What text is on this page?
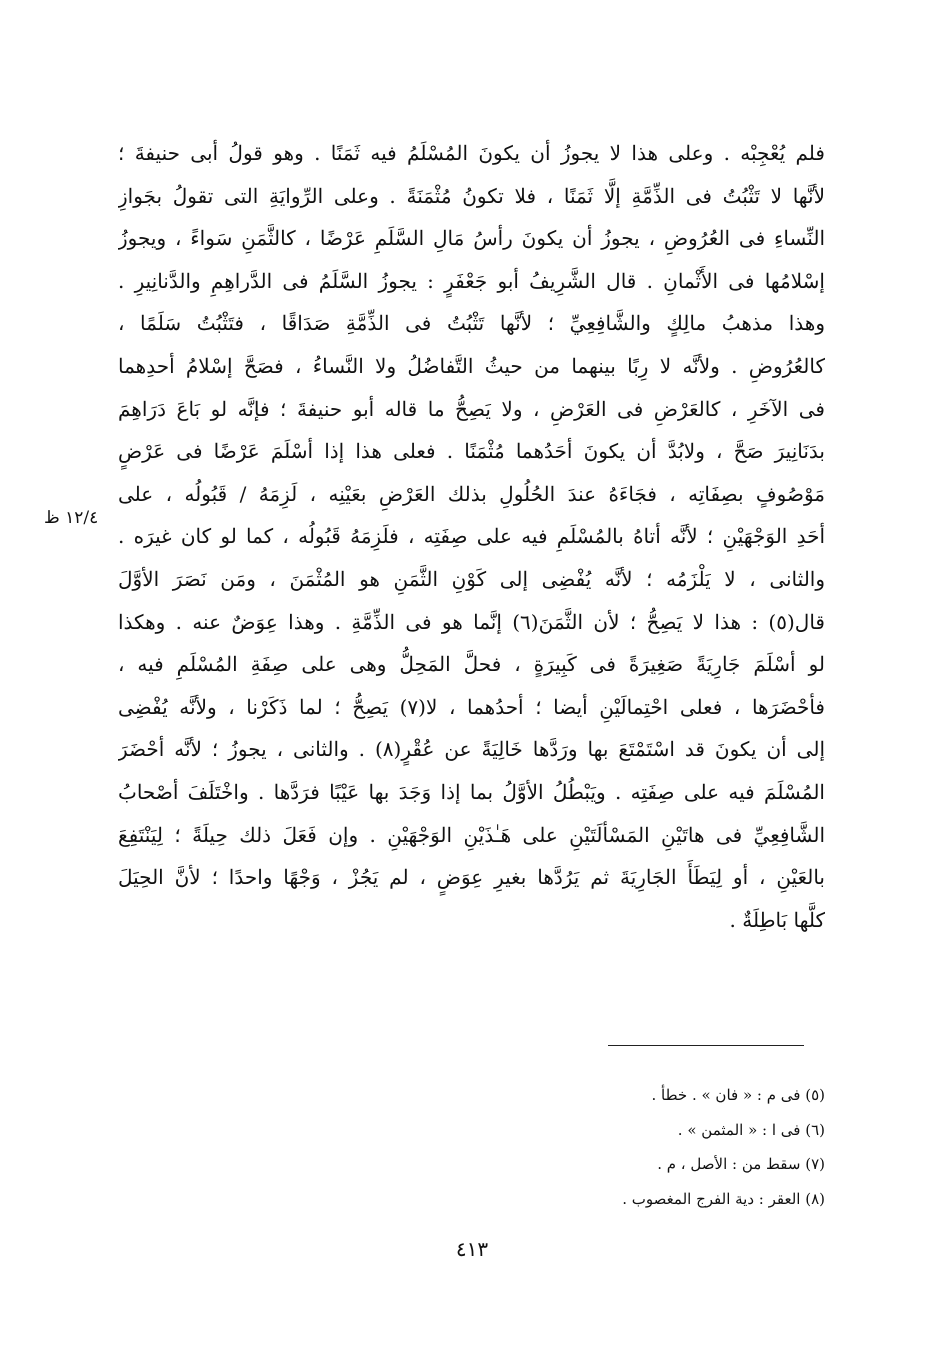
فلم يُعْجِبْه . وعلى هذا لا يجوزُ أن يكونَ المُسْلَمُ فيه ثَمَنًا . وهو قولُ أبى حنيفةَ ؛
لأنَّها لا تَثْبُتُ فى الذِّمَّةِ إلَّا ثَمَنًا ، فلا تكونُ مُثْمَنَةً . وعلى الرِّوايَةِ التى تقولُ بجَوازِ
النِّساءِ فى العُرُوضِ ، يجوزُ أن يكونَ رأسُ مَالِ السَّلَمِ عَرْضًا ، كالثَّمَنِ سَواءً ، ويجوزُ
إسْلامُها فى الأَثْمانِ . قال الشَّرِيفُ أبو جَعْفَرٍ : يجوزُ السَّلَمُ فى الدَّراهِمِ والدَّنانِيرِ .
وهذا مذهبُ مالِكٍ والشَّافِعِيِّ ؛ لأنَّها تَثْبُتُ فى الذِّمَّةِ صَدَاقًا ، فتَثْبُتُ سَلَمًا ،
كالعُرُوضِ . ولأنَّه لا رِبًا بينهما من حيثُ التَّفاضُلُ ولا النَّساءُ ، فصَحَّ إسْلامُ أحدِهما
فى الآخَرِ ، كالعَرْضِ فى العَرْضِ ، ولا يَصِحُّ ما قاله أبو حنيفةَ ؛ فإنَّه لو بَاعَ دَرَاهِمَ
بدَنَانِيرَ صَحَّ ، ولابُدَّ أن يكونَ أحَدُهما مُثْمَنًا . فعلى هذا إذا أسْلَمَ عَرْضًا فى عَرْضٍ
مَوْصُوفٍ بصِفَاتِه ، فجَاءَهُ عندَ الحُلُولِ بذلك العَرْضِ بعَيْنِه ، لَزِمَهُ / قَبُولُه ، على
أحَدِ الوَجْهَيْنِ ؛ لأنَّه أتاهُ بالمُسْلَمِ فيه على صِفَتِه ، فلَزِمَهُ قَبُولُه ، كما لو كان غيرَه .
والثانى ، لا يَلْزَمُه ؛ لأنَّه يُفْضِى إلى كَوْنِ الثَّمَنِ هو المُثْمَنَ ، ومَن نَصَرَ الأوَّلَ
قال(٥) : هذا لا يَصِحُّ ؛ لأن الثَّمَنَ(٦) إنَّما هو فى الذِّمَّةِ . وهذا عِوَضٌ عنه . وهكذا
لو أسْلَمَ جَارِيَةً صَغِيرَةً فى كَبِيرَةٍ ، فحلَّ المَحِلُّ وهى على صِفَةِ المُسْلَمِ فيه ،
فأحْضَرَها ، فعلى احْتِمالَيْنِ أيضا ؛ أحدُهما ، لا(٧) يَصِحُّ ؛ لما ذَكَرْنا ، ولأنَّه يُفْضِى
إلى أن يكونَ قد اسْتَمْتَعَ بها ورَدَّها خَالِيَةً عن عُقْرٍ(٨) . والثانى ، يجوزُ ؛ لأنَّه أحْضَرَ
المُسْلَمَ فيه على صِفَتِه . ويَبْطُلُ الأوَّلُ بما إذا وَجَدَ بها عَيْبًا فرَدَّها . واخْتَلَفَ أصْحابُ
الشَّافِعِيِّ فى هاتَيْنِ المَسْألَتَيْنِ على هَـٰذَيْنِ الوَجْهَيْنِ . وإن فَعَلَ ذلك حِيلَةً ؛ لِيَنْتَفِعَ
بالعَيْنِ ، أو لِيَطَأَ الجَارِيَةَ ثم يَرُدَّها بغيرِ عِوَضٍ ، لم يَجُزْ ، وَجْهًا واحدًا ؛ لأنَّ الحِيَلَ
كلَّها بَاطِلَةٌ .
١٢/٤ ظ
(٥) فى م : « فان » . خطأ .
(٦) فى ا : « المثمن » .
(٧) سقط من : الأصل ، م .
(٨) العقر : دية الفرج المغصوب .
٤١٣
